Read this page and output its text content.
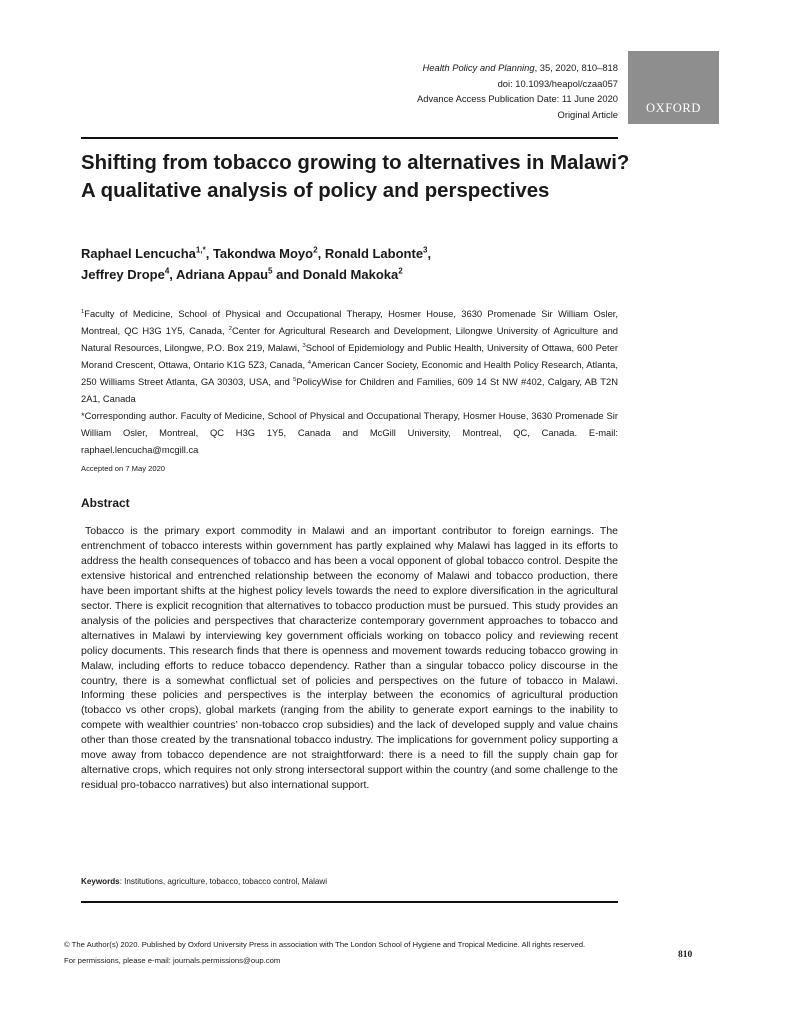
Health Policy and Planning, 35, 2020, 810–818
doi: 10.1093/heapol/czaa057
Advance Access Publication Date: 11 June 2020
Original Article OXFORD
Shifting from tobacco growing to alternatives in Malawi? A qualitative analysis of policy and perspectives

Raphael Lencucha$^{1,*}$, Takondwa Moyo$^2$, Ronald Labonte$^3$,
Jeffrey Drope$^4$, Adriana Appau$^5$ and Donald Makoka$^2$

$^1$Faculty of Medicine, School of Physical and Occupational Therapy, Hosmer House, 3630 Promenade Sir William Osler, Montreal, QC H3G 1Y5, Canada, $^2$Center for Agricultural Research and Development, Lilongwe University of Agriculture and Natural Resources, Lilongwe, P.O. Box 219, Malawi, $^3$School of Epidemiology and Public Health, University of Ottawa, 600 Peter Morand Crescent, Ottawa, Ontario K1G 5Z3, Canada, $^4$American Cancer Society, Economic and Health Policy Research, Atlanta, 250 Williams Street Atlanta, GA 30303, USA, and $^5$PolicyWise for Children and Families, 609 14 St NW #402, Calgary, AB T2N 2A1, Canada

*Corresponding author. Faculty of Medicine, School of Physical and Occupational Therapy, Hosmer House, 3630 Promenade Sir William Osler, Montreal, QC H3G 1Y5, Canada and McGill University, Montreal, QC, Canada. E-mail: raphael.lencucha@mcgill.ca

Accepted on 7 May 2020

Abstract

Tobacco is the primary export commodity in Malawi and an important contributor to foreign earnings. The entrenchment of tobacco interests within government has partly explained why Malawi has lagged in its efforts to address the health consequences of tobacco and has been a vocal opponent of global tobacco control. Despite the extensive historical and entrenched relationship between the economy of Malawi and tobacco production, there have been important shifts at the highest policy levels towards the need to explore diversification in the agricultural sector. There is explicit recognition that alternatives to tobacco production must be pursued. This study provides an analysis of the policies and perspectives that characterize contemporary government approaches to tobacco and alternatives in Malawi by interviewing key government officials working on tobacco policy and reviewing recent policy documents. This research finds that there is openness and movement towards reducing tobacco growing in Malaw, including efforts to reduce tobacco dependency. Rather than a singular tobacco policy discourse in the country, there is a somewhat conflictual set of policies and perspectives on the future of tobacco in Malawi. Informing these policies and perspectives is the interplay between the economics of agricultural production (tobacco vs other crops), global markets (ranging from the ability to generate export earnings to the inability to compete with wealthier countries’ non-tobacco crop subsidies) and the lack of developed supply and value chains other than those created by the transnational tobacco industry. The implications for government policy supporting a move away from tobacco dependence are not straightforward: there is a need to fill the supply chain gap for alternative crops, which requires not only strong intersectoral support within the country (and some challenge to the residual pro-tobacco narratives) but also international support.

Keywords: Institutions, agriculture, tobacco, tobacco control, Malawi

© The Author(s) 2020. Published by Oxford University Press in association with The London School of Hygiene and Tropical Medicine. All rights reserved.
For permissions, please e-mail: journals.permissions@oup.com	810
